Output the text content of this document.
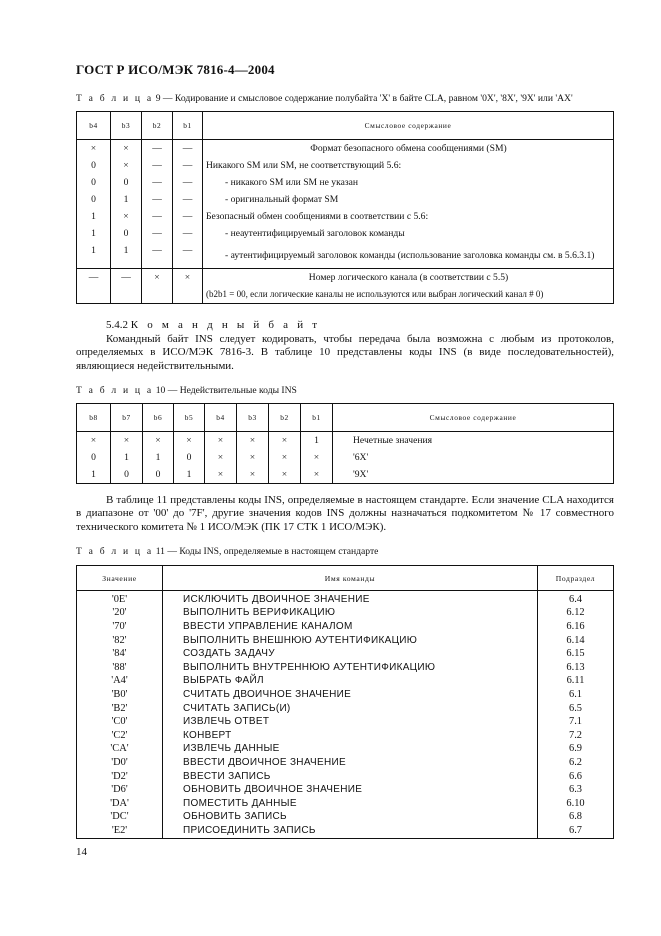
ГОСТ Р ИСО/МЭК 7816-4—2004
Т а б л и ц а 9 — Кодирование и смысловое содержание полубайта 'X' в байте CLA, равном '0X', '8X', '9X' или 'AX'
b4	b3	b2	b1	Смысловое содержание
×	×	—	—	Формат безопасного обмена сообщениями (SM)
0	×	—	—	Никакого SM или SM, не соответствующий 5.6:
0	0	—	—	- никакого SM или SM не указан
0	1	—	—	- оригинальный формат SM
1	×	—	—	Безопасный обмен сообщениями в соответствии с 5.6:
1	0	—	—	- неаутентифицируемый заголовок команды
1	1	—	—	- аутентифицируемый заголовок команды (использование заголовка команды см. в 5.6.3.1)
—	—	×	×	Номер логического канала (в соответствии с 5.5)
				(b2b1 = 00, если логические каналы не используются или выбран логический канал # 0)
5.4.2 К о м а н д н ы й б а й т
Командный байт INS следует кодировать, чтобы передача была возможна с любым из протоколов, определяемых в ИСО/МЭК 7816-3. В таблице 10 представлены коды INS (в виде последовательностей), являющиеся недействительными.
Т а б л и ц а 10 — Недействительные коды INS
b8	b7	b6	b5	b4	b3	b2	b1	Смысловое содержание
×	×	×	×	×	×	×	1	Нечетные значения
0	1	1	0	×	×	×	×	'6X'
1	0	0	1	×	×	×	×	'9X'
В таблице 11 представлены коды INS, определяемые в настоящем стандарте. Если значение CLA находится в диапазоне от '00' до '7F', другие значения кодов INS должны назначаться подкомитетом № 17 совместного технического комитета № 1 ИСО/МЭК (ПК 17 СТК 1 ИСО/МЭК).
Т а б л и ц а 11 — Коды INS, определяемые в настоящем стандарте
Значение	Имя команды	Подраздел
'0E'	ИСКЛЮЧИТЬ ДВОИЧНОЕ ЗНАЧЕНИЕ	6.4
'20'	ВЫПОЛНИТЬ ВЕРИФИКАЦИЮ	6.12
'70'	ВВЕСТИ УПРАВЛЕНИЕ КАНАЛОМ	6.16
'82'	ВЫПОЛНИТЬ ВНЕШНЮЮ АУТЕНТИФИКАЦИЮ	6.14
'84'	СОЗДАТЬ ЗАДАЧУ	6.15
'88'	ВЫПОЛНИТЬ ВНУТРЕННЮЮ АУТЕНТИФИКАЦИЮ	6.13
'A4'	ВЫБРАТЬ ФАЙЛ	6.11
'B0'	СЧИТАТЬ ДВОИЧНОЕ ЗНАЧЕНИЕ	6.1
'B2'	СЧИТАТЬ ЗАПИСЬ(И)	6.5
'C0'	ИЗВЛЕЧЬ ОТВЕТ	7.1
'C2'	КОНВЕРТ	7.2
'CA'	ИЗВЛЕЧЬ ДАННЫЕ	6.9
'D0'	ВВЕСТИ ДВОИЧНОЕ ЗНАЧЕНИЕ	6.2
'D2'	ВВЕСТИ ЗАПИСЬ	6.6
'D6'	ОБНОВИТЬ ДВОИЧНОЕ ЗНАЧЕНИЕ	6.3
'DA'	ПОМЕСТИТЬ ДАННЫЕ	6.10
'DC'	ОБНОВИТЬ ЗАПИСЬ	6.8
'E2'	ПРИСОЕДИНИТЬ ЗАПИСЬ	6.7
14
